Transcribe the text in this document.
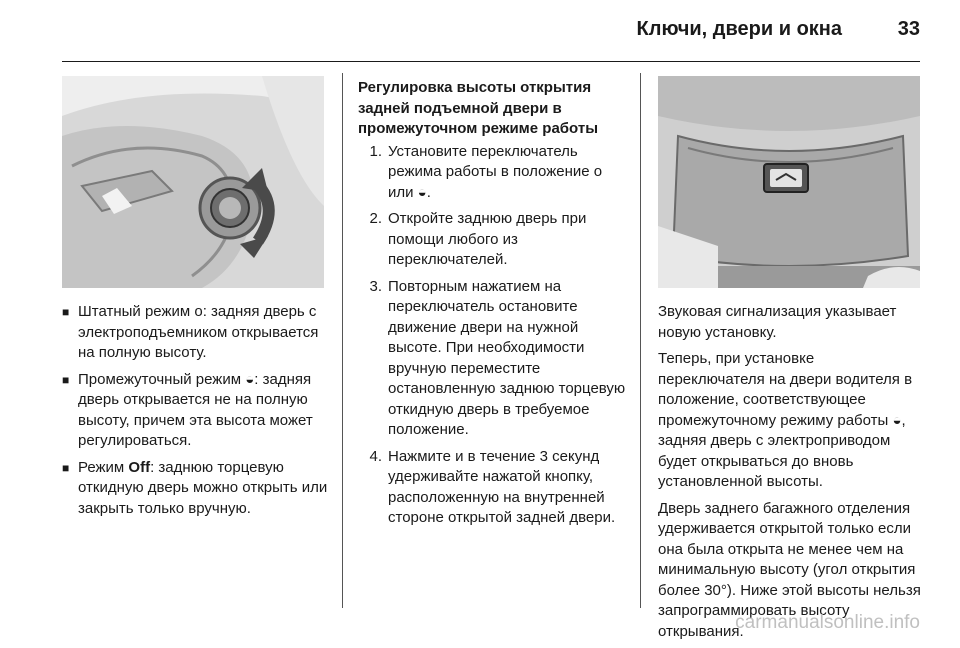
Ключи, двери и окна	33
■ Штатный режим o: задняя дверь с электроподъемником открывается на полную высоту.
■ Промежуточный режим ◒: задняя дверь открывается не на полную высоту, причем эта высота может регулироваться.
■ Режим Off: заднюю торцевую откидную дверь можно открыть или закрыть только вручную.
Регулировка высоты открытия задней подъемной двери в промежуточном режиме работы
1. Установите переключатель режима работы в положение o или ◒.
2. Откройте заднюю дверь при помощи любого из переключателей.
3. Повторным нажатием на переключатель остановите движение двери на нужной высоте. При необходимости вручную переместите остановленную заднюю торцевую откидную дверь в требуемое положение.
4. Нажмите и в течение 3 секунд удерживайте нажатой кнопку, расположенную на внутренней стороне открытой задней двери.

Звуковая сигнализация указывает новую установку.

Теперь, при установке переключателя на двери водителя в положение, соответствующее промежуточному режиму работы ◒, задняя дверь с электроприводом будет открываться до вновь установленной высоты.

Дверь заднего багажного отделения удерживается открытой только если она была открыта не менее чем на минимальную высоту (угол открытия более 30°). Ниже этой высоты нельзя запрограммировать высоту открывания.

carmanualsonline.info
